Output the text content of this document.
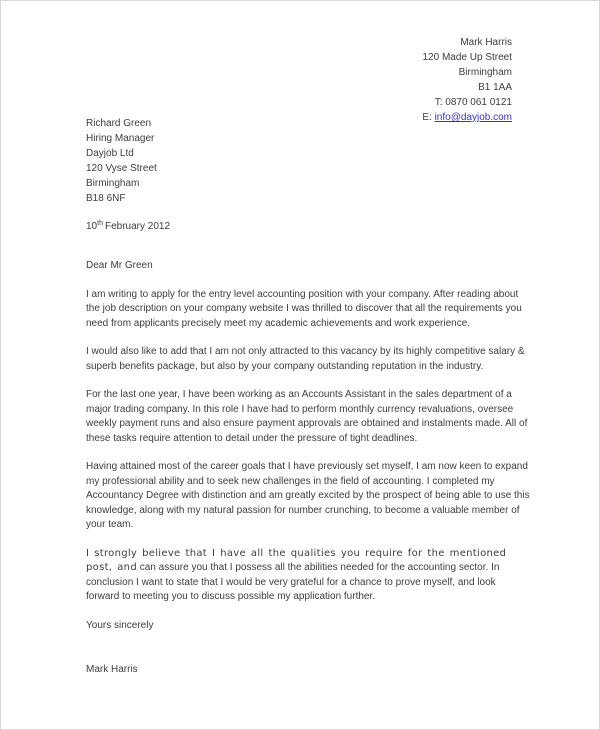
Mark Harris
120 Made Up Street
Birmingham
B1 1AA
T: 0870 061 0121
E: info@dayjob.com
Richard Green
Hiring Manager
Dayjob Ltd
120 Vyse Street
Birmingham
B18 6NF
10th February 2012

Dear Mr Green

I am writing to apply for the entry level accounting position with your company. After reading about the job description on your company website I was thrilled to discover that all the requirements you need from applicants precisely meet my academic achievements and work experience.

I would also like to add that I am not only attracted to this vacancy by its highly competitive salary & superb benefits package, but also by your company outstanding reputation in the industry.

For the last one year, I have been working as an Accounts Assistant in the sales department of a major trading company. In this role I have had to perform monthly currency revaluations, oversee weekly payment runs and also ensure payment approvals are obtained and instalments made. All of these tasks require attention to detail under the pressure of tight deadlines.

Having attained most of the career goals that I have previously set myself, I am now keen to expand my professional ability and to seek new challenges in the field of accounting. I completed my Accountancy Degree with distinction and am greatly excited by the prospect of being able to use this knowledge, along with my natural passion for number crunching, to become a valuable member of your team.

I strongly believe that I have all the qualities you require for the mentioned post, and can assure you that I possess all the abilities needed for the accounting sector. In conclusion I want to state that I would be very grateful for a chance to prove myself, and look forward to meeting you to discuss possible my application further.

Yours sincerely

Mark Harris
